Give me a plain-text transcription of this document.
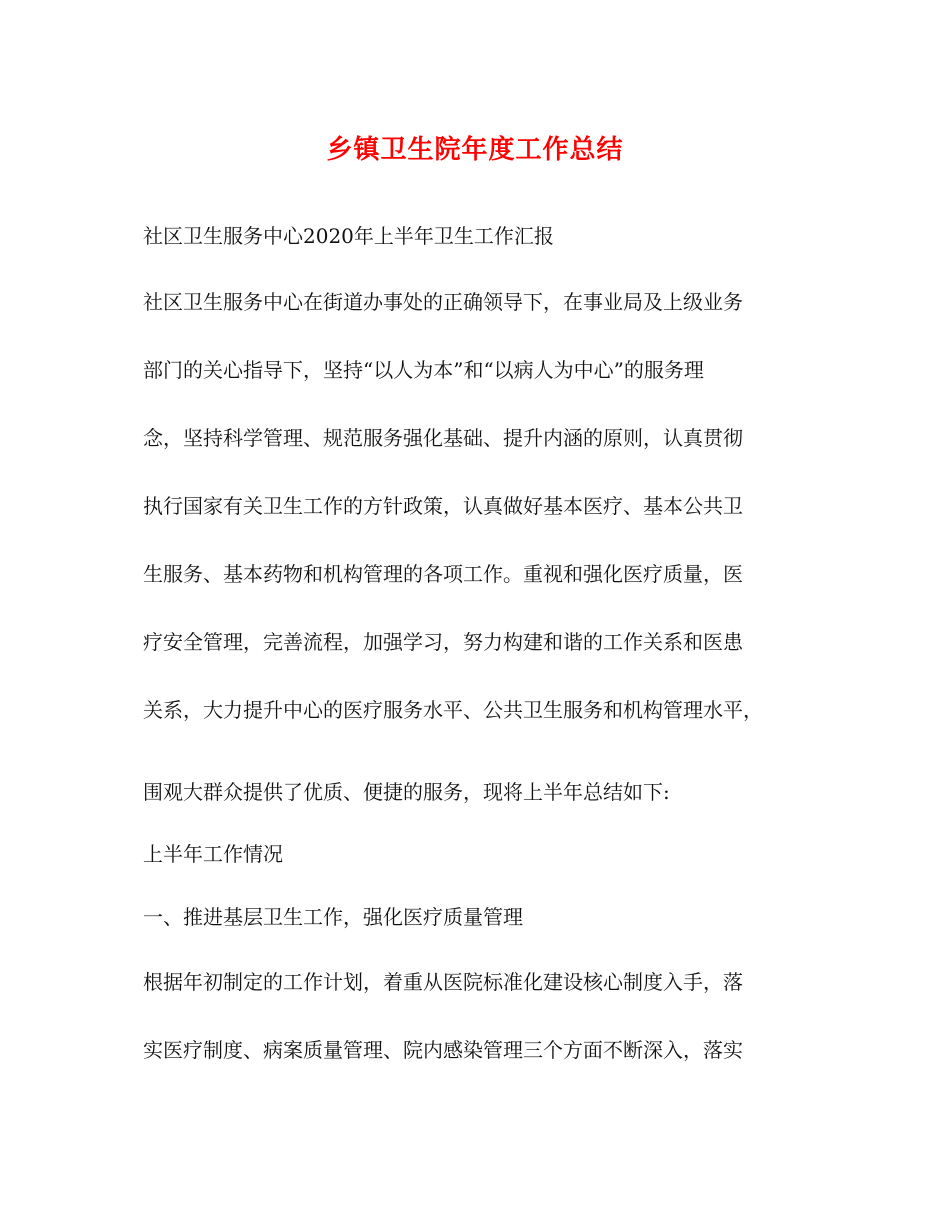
乡镇卫生院年度工作总结
社区卫生服务中心2020年上半年卫生工作汇报
社区卫生服务中心在街道办事处的正确领导下，在事业局及上级业务
部门的关心指导下，坚持“以人为本”和“以病人为中心”的服务理
念，坚持科学管理、规范服务强化基础、提升内涵的原则，认真贯彻
执行国家有关卫生工作的方针政策，认真做好基本医疗、基本公共卫
生服务、基本药物和机构管理的各项工作。重视和强化医疗质量，医
疗安全管理，完善流程，加强学习，努力构建和谐的工作关系和医患
关系，大力提升中心的医疗服务水平、公共卫生服务和机构管理水平，
围观大群众提供了优质、便捷的服务，现将上半年总结如下:
上半年工作情况
一、推进基层卫生工作，强化医疗质量管理
根据年初制定的工作计划，着重从医院标准化建设核心制度入手，落
实医疗制度、病案质量管理、院内感染管理三个方面不断深入，落实
